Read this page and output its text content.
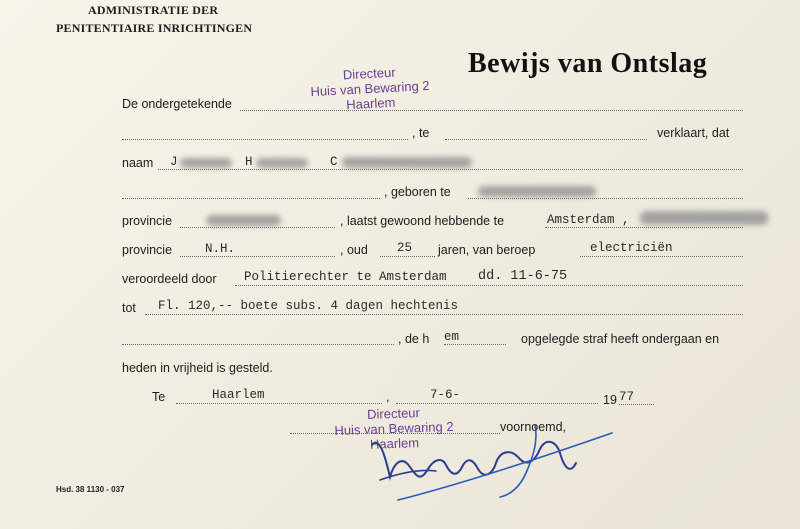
ADMINISTRATIE DER
PENITENTIAIRE INRICHTINGEN
Bewijs van Ontslag
Directeur
Huis van Bewaring 2
Haarlem
De ondergetekende
, te	verklaart, dat
naam J	H	C
, geboren te
provincie	, laatst gewoond hebbende te	Amsterdam ,
provincie	N.H.	, oud 25 jaren, van beroep	electriciën
veroordeeld door Politierechter te Amsterdam dd. 11-6-75
tot Fl. 120,-- boete subs. 4 dagen hechtenis
, de h em	opgelegde straf heeft ondergaan en
heden in vrijheid is gesteld.
Te	Haarlem	,	7-6-	19 77
voornoemd,
Directeur
Huis van Bewaring 2
Haarlem
Hsd. 38 1130 - 037
